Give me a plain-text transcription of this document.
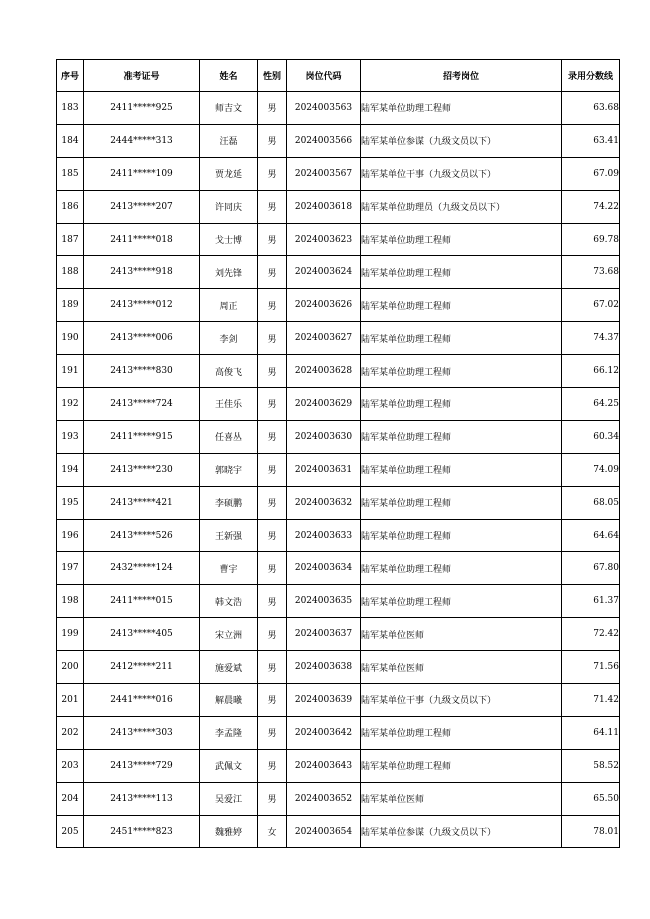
序号	准考证号	姓名	性别	岗位代码	招考岗位	录用分数线
183	2411*****925	师吉文	男	2024003563	陆军某单位助理工程师	63.68
184	2444*****313	汪磊	男	2024003566	陆军某单位参谋（九级文员以下）	63.41
185	2411*****109	贾龙延	男	2024003567	陆军某单位干事（九级文员以下）	67.09
186	2413*****207	许同庆	男	2024003618	陆军某单位助理员（九级文员以下）	74.22
187	2411*****018	戈士博	男	2024003623	陆军某单位助理工程师	69.78
188	2413*****918	刘先锋	男	2024003624	陆军某单位助理工程师	73.68
189	2413*****012	周正	男	2024003626	陆军某单位助理工程师	67.02
190	2413*****006	李剑	男	2024003627	陆军某单位助理工程师	74.37
191	2413*****830	高俊飞	男	2024003628	陆军某单位助理工程师	66.12
192	2413*****724	王佳乐	男	2024003629	陆军某单位助理工程师	64.25
193	2411*****915	任喜丛	男	2024003630	陆军某单位助理工程师	60.34
194	2413*****230	郭晓宇	男	2024003631	陆军某单位助理工程师	74.09
195	2413*****421	李硕鹏	男	2024003632	陆军某单位助理工程师	68.05
196	2413*****526	王新强	男	2024003633	陆军某单位助理工程师	64.64
197	2432*****124	曹宇	男	2024003634	陆军某单位助理工程师	67.80
198	2411*****015	韩文浩	男	2024003635	陆军某单位助理工程师	61.37
199	2413*****405	宋立洲	男	2024003637	陆军某单位医师	72.42
200	2412*****211	施爱斌	男	2024003638	陆军某单位医师	71.56
201	2441*****016	解晨曦	男	2024003639	陆军某单位干事（九级文员以下）	71.42
202	2413*****303	李孟隆	男	2024003642	陆军某单位助理工程师	64.11
203	2413*****729	武佩文	男	2024003643	陆军某单位助理工程师	58.52
204	2413*****113	吴爱江	男	2024003652	陆军某单位医师	65.50
205	2451*****823	魏雅婷	女	2024003654	陆军某单位参谋（九级文员以下）	78.01
